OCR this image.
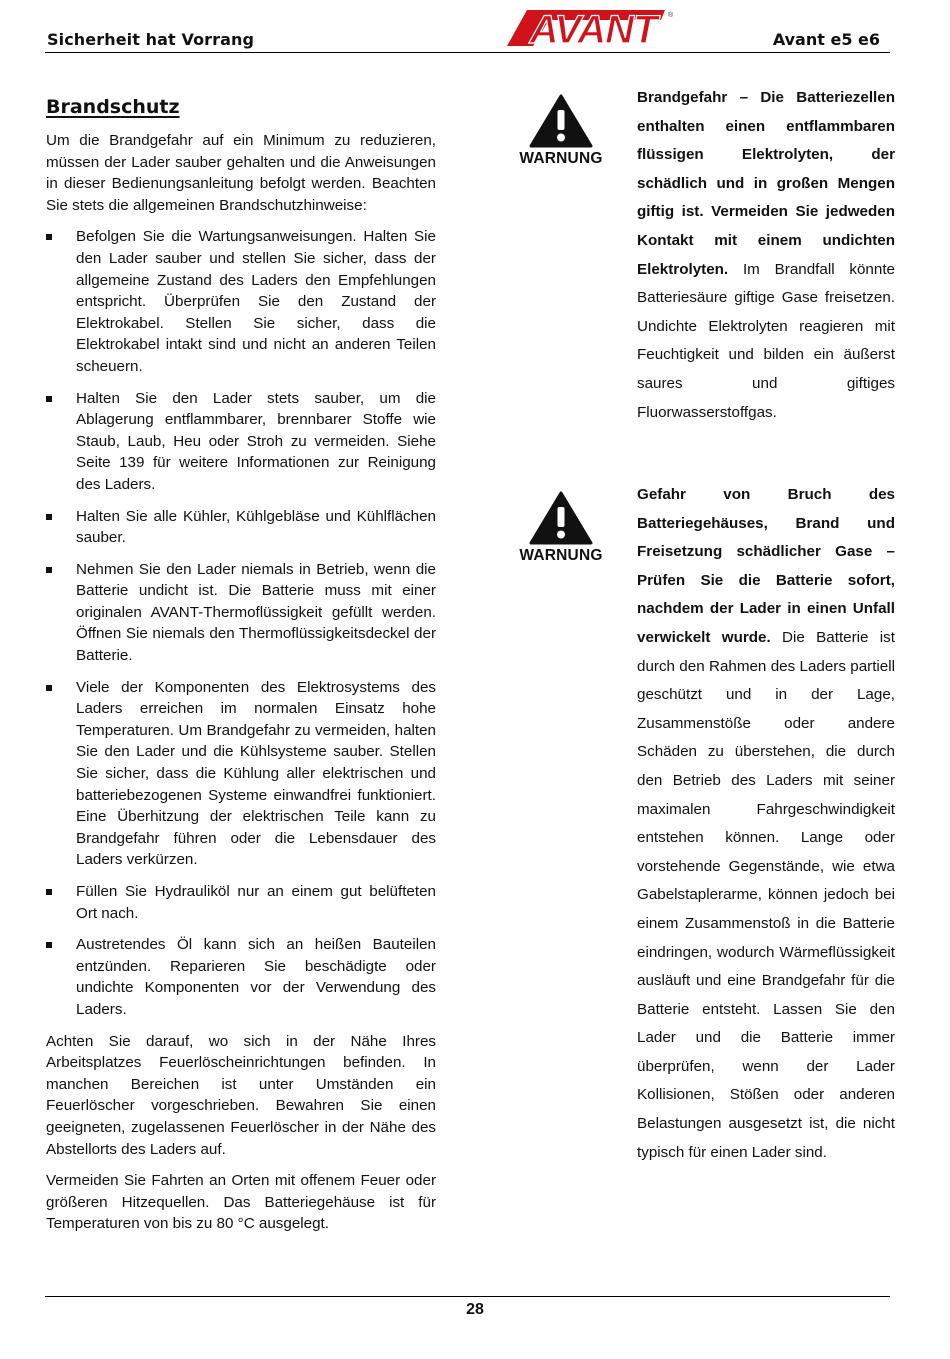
Sicherheit hat Vorrang	AVANT	®
Avant e5 e6
Brandschutz

Um die Brandgefahr auf ein Minimum zu reduzieren, müssen der Lader sauber gehalten und die Anweisungen in dieser Bedienungsanleitung befolgt werden. Beachten Sie stets die allgemeinen Brandschutzhinweise:

Befolgen Sie die Wartungsanweisungen. Halten Sie den Lader sauber und stellen Sie sicher, dass der allgemeine Zustand des Laders den Empfehlungen entspricht. Überprüfen Sie den Zustand der Elektrokabel. Stellen Sie sicher, dass die Elektrokabel intakt sind und nicht an anderen Teilen scheuern.
Halten Sie den Lader stets sauber, um die Ablagerung entflammbarer, brennbarer Stoffe wie Staub, Laub, Heu oder Stroh zu vermeiden. Siehe Seite 139 für weitere Informationen zur Reinigung des Laders.
Halten Sie alle Kühler, Kühlgebläse und Kühlflächen sauber.
Nehmen Sie den Lader niemals in Betrieb, wenn die Batterie undicht ist. Die Batterie muss mit einer originalen AVANT-Thermoflüssigkeit gefüllt werden. Öffnen Sie niemals den Thermoflüssigkeitsdeckel der Batterie.
Viele der Komponenten des Elektrosystems des Laders erreichen im normalen Einsatz hohe Temperaturen. Um Brandgefahr zu vermeiden, halten Sie den Lader und die Kühlsysteme sauber. Stellen Sie sicher, dass die Kühlung aller elektrischen und batteriebezogenen Systeme einwandfrei funktioniert. Eine Überhitzung der elektrischen Teile kann zu Brandgefahr führen oder die Lebensdauer des Laders verkürzen.
Füllen Sie Hydrauliköl nur an einem gut belüfteten Ort nach.
Austretendes Öl kann sich an heißen Bauteilen entzünden. Reparieren Sie beschädigte oder undichte Komponenten vor der Verwendung des Laders.

Achten Sie darauf, wo sich in der Nähe Ihres Arbeitsplatzes Feuerlöscheinrichtungen befinden. In manchen Bereichen ist unter Umständen ein Feuerlöscher vorgeschrieben. Bewahren Sie einen geeigneten, zugelassenen Feuerlöscher in der Nähe des Abstellorts des Laders auf.

Vermeiden Sie Fahrten an Orten mit offenem Feuer oder größeren Hitzequellen. Das Batteriegehäuse ist für Temperaturen von bis zu 80 °C ausgelegt.

WARNUNG

Brandgefahr – Die Batteriezellen enthalten einen entflammbaren flüssigen Elektrolyten, der schädlich und in großen Mengen giftig ist. Vermeiden Sie jedweden Kontakt mit einem undichten Elektrolyten. Im Brandfall könnte Batteriesäure giftige Gase freisetzen. Undichte Elektrolyten reagieren mit Feuchtigkeit und bilden ein äußerst saures und giftiges Fluorwasserstoffgas.

WARNUNG

Gefahr von Bruch des Batteriegehäuses, Brand und Freisetzung schädlicher Gase – Prüfen Sie die Batterie sofort, nachdem der Lader in einen Unfall verwickelt wurde. Die Batterie ist durch den Rahmen des Laders partiell geschützt und in der Lage, Zusammenstöße oder andere Schäden zu überstehen, die durch den Betrieb des Laders mit seiner maximalen Fahrgeschwindigkeit entstehen können. Lange oder vorstehende Gegenstände, wie etwa Gabelstaplerarme, können jedoch bei einem Zusammenstoß in die Batterie eindringen, wodurch Wärmeflüssigkeit ausläuft und eine Brandgefahr für die Batterie entsteht. Lassen Sie den Lader und die Batterie immer überprüfen, wenn der Lader Kollisionen, Stößen oder anderen Belastungen ausgesetzt ist, die nicht typisch für einen Lader sind.

28
